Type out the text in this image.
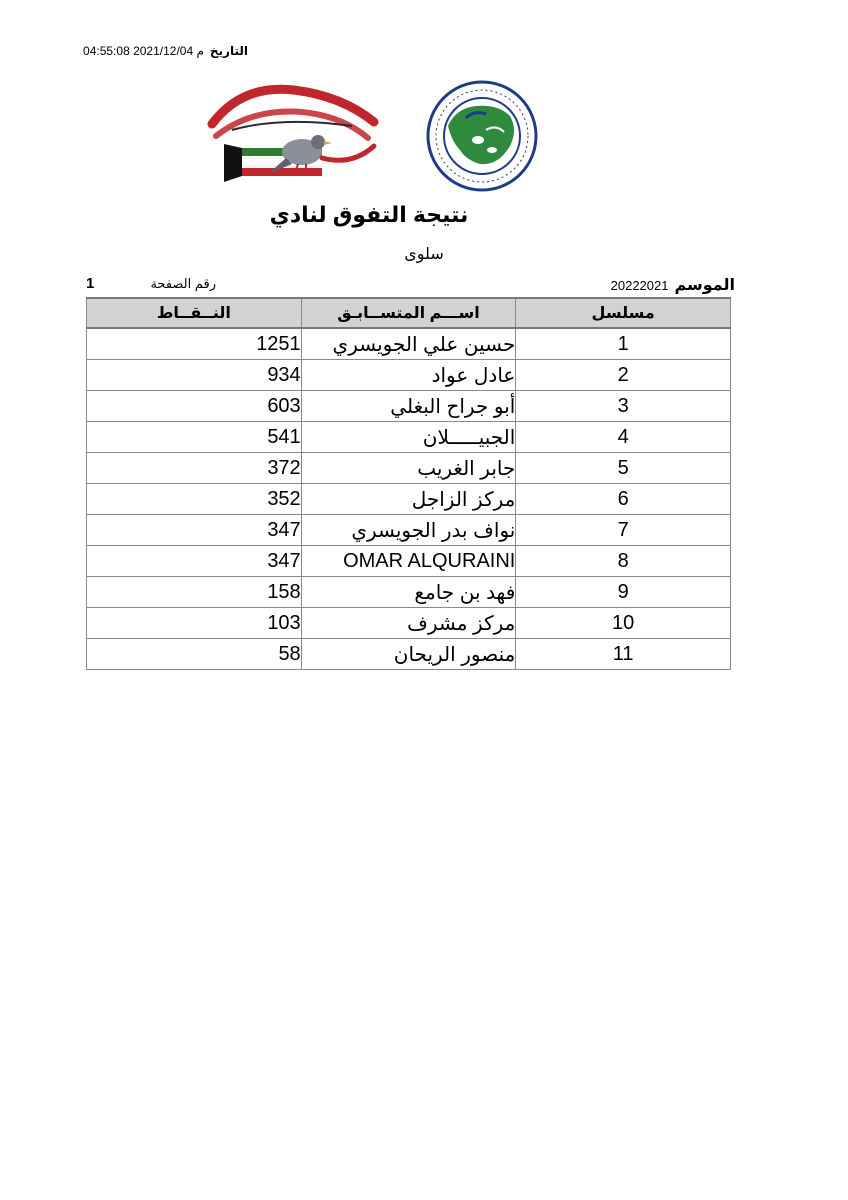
التاريخ04:55:08 2021/12/04 م
نتيجة التفوق لنادي
سلوى
الموسم20222021
رقم الصفحة
1
مسلسل	اســـم المتســابـق	النــقــاط
1	حسين علي الجويسري	1251
2	عادل عواد	934
3	أبو جراح البغلي	603
4	الجبيـــــلان	541
5	جابر الغريب	372
6	مركز الزاجل	352
7	نواف بدر الجويسري	347
8	OMAR ALQURAINI	347
9	فهد بن جامع	158
10	مركز مشرف	103
11	منصور الريحان	58
